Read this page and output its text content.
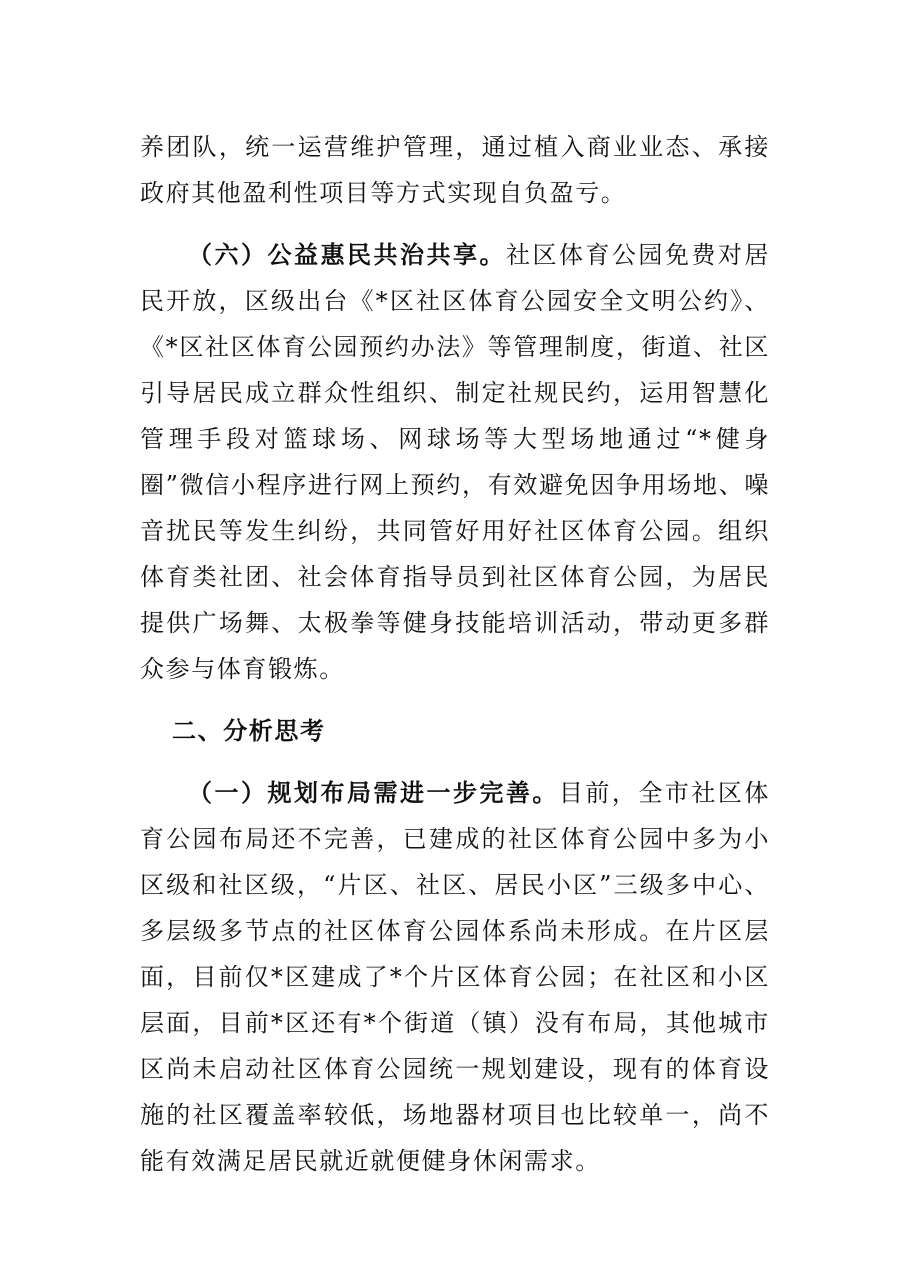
养团队，统一运营维护管理，通过植入商业业态、承接政府其他盈利性项目等方式实现自负盈亏。

（六）公益惠民共治共享。社区体育公园免费对居民开放，区级出台《*区社区体育公园安全文明公约》、《*区社区体育公园预约办法》等管理制度，街道、社区引导居民成立群众性组织、制定社规民约，运用智慧化管理手段对篮球场、网球场等大型场地通过“*健身圈”微信小程序进行网上预约，有效避免因争用场地、噪音扰民等发生纠纷，共同管好用好社区体育公园。组织体育类社团、社会体育指导员到社区体育公园，为居民提供广场舞、太极拳等健身技能培训活动，带动更多群众参与体育锻炼。

二、分析思考

（一）规划布局需进一步完善。目前，全市社区体育公园布局还不完善，已建成的社区体育公园中多为小区级和社区级，“片区、社区、居民小区”三级多中心、多层级多节点的社区体育公园体系尚未形成。在片区层面，目前仅*区建成了*个片区体育公园；在社区和小区层面，目前*区还有*个街道（镇）没有布局，其他城市区尚未启动社区体育公园统一规划建设，现有的体育设施的社区覆盖率较低，场地器材项目也比较单一，尚不能有效满足居民就近就便健身休闲需求。
